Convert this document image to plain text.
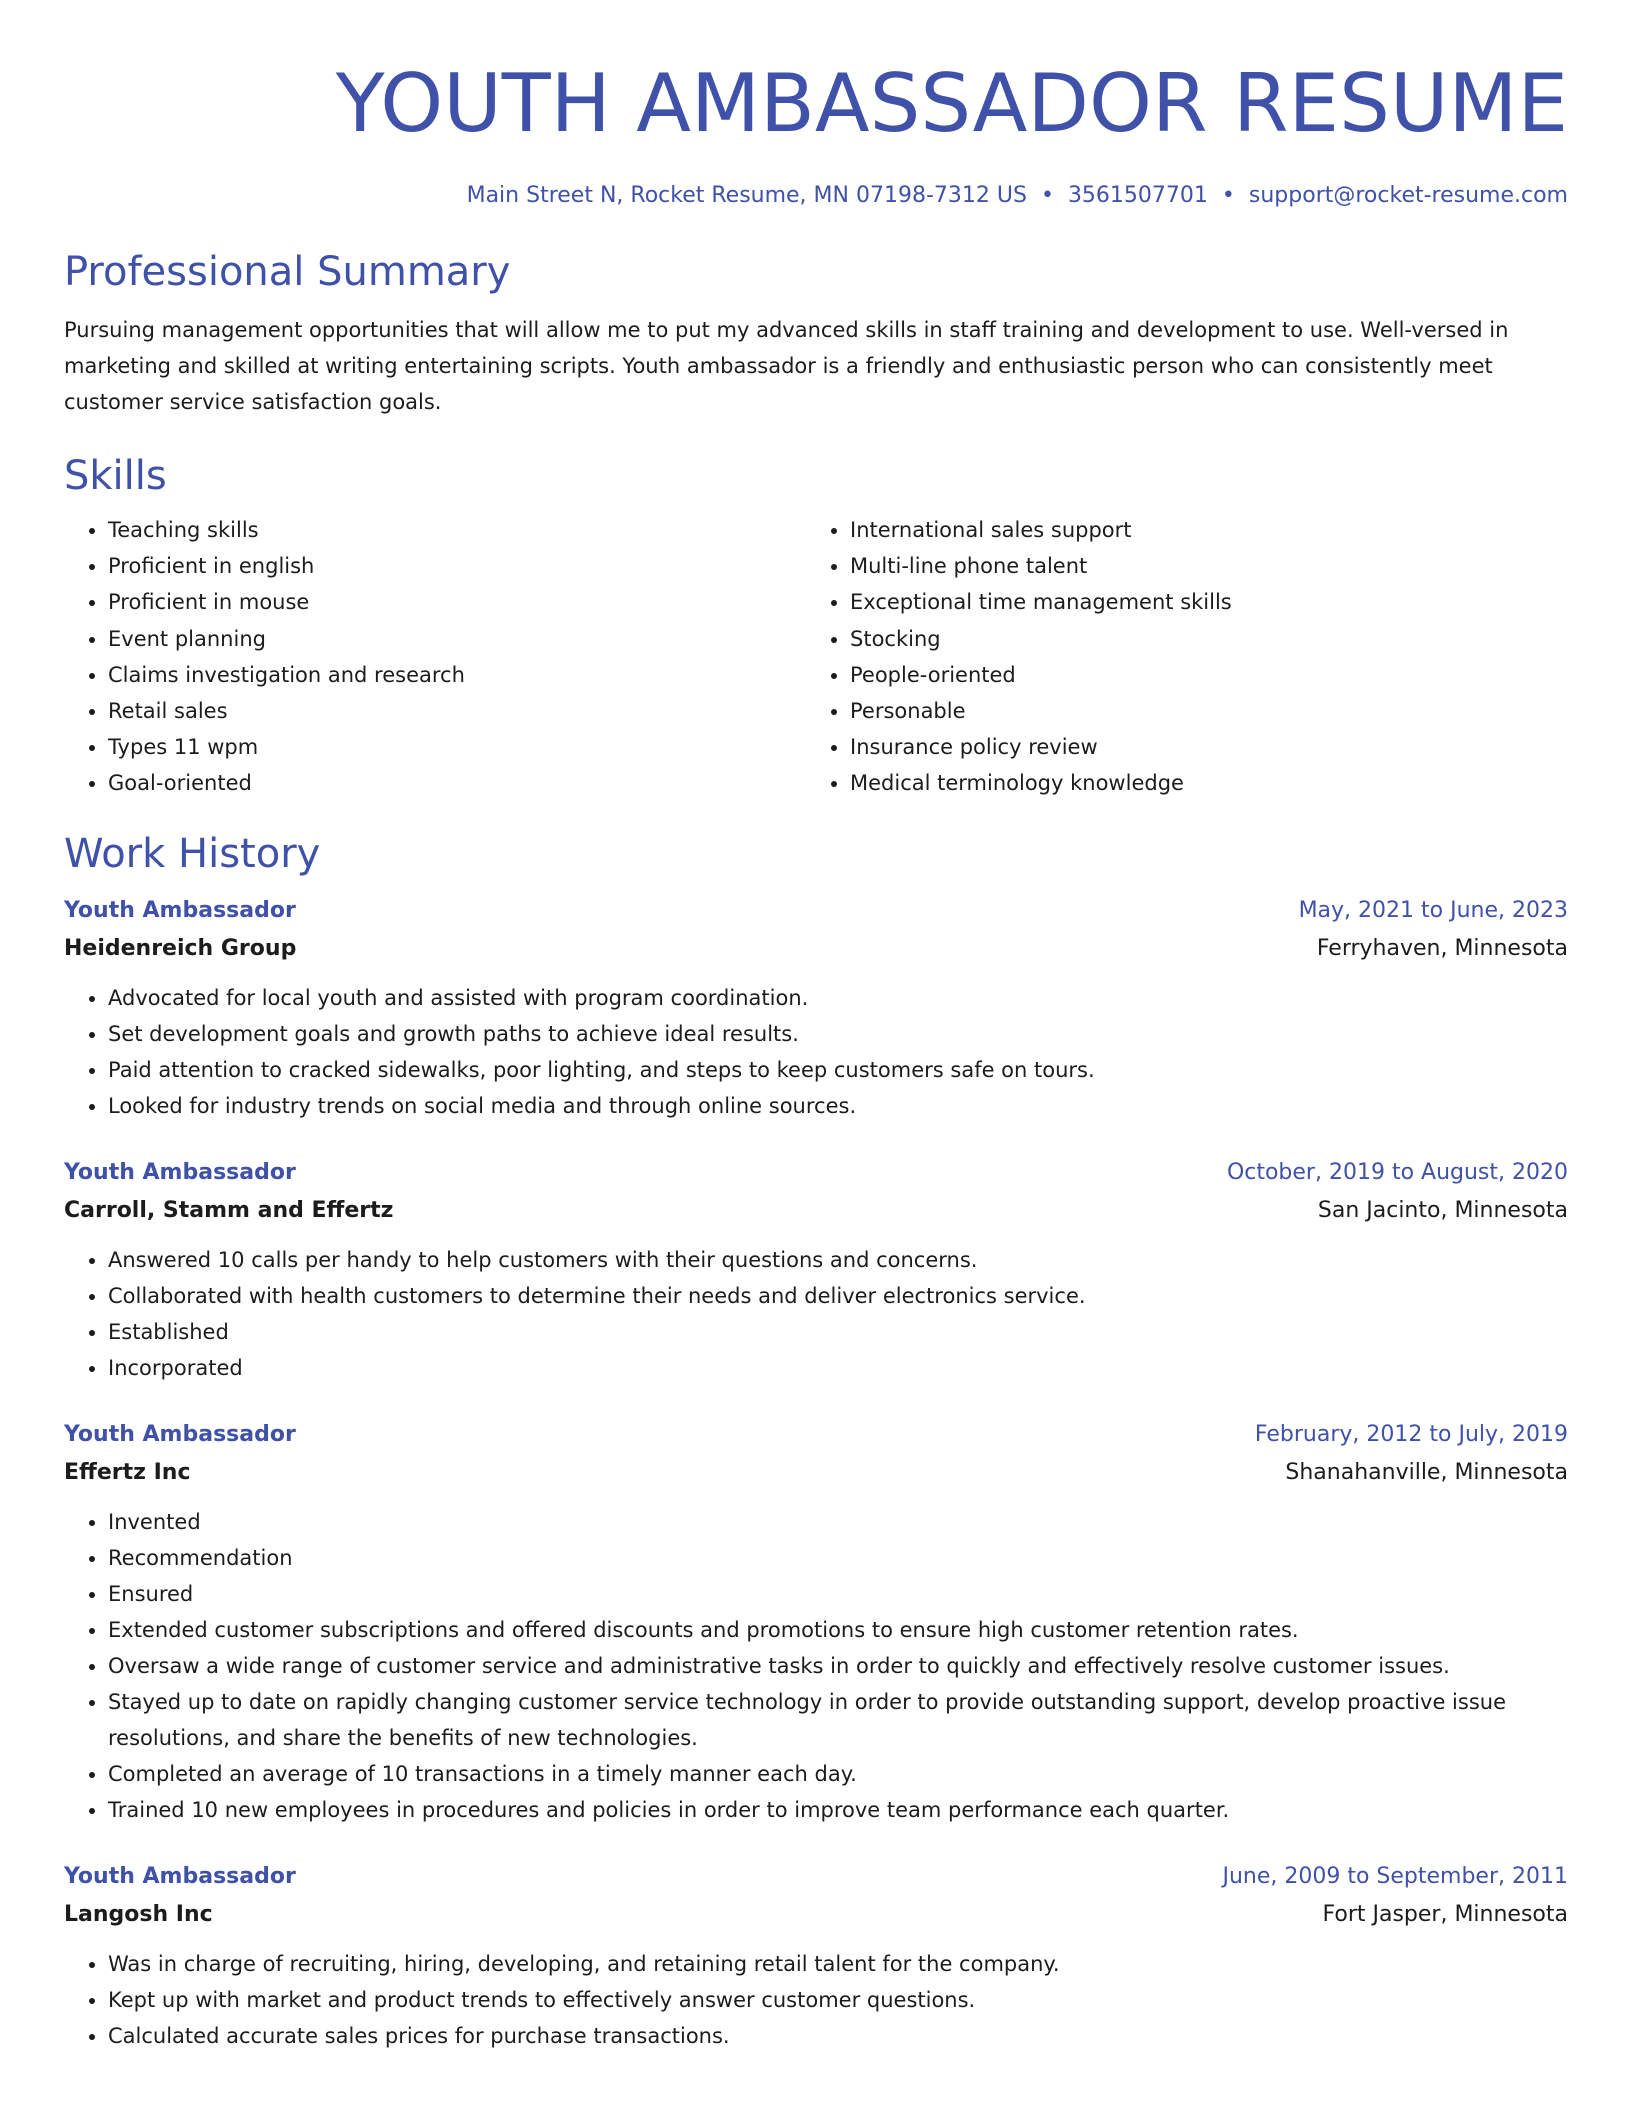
YOUTH AMBASSADOR RESUME
Main Street N, Rocket Resume, MN 07198-7312 US • 3561507701 • support@rocket-resume.com
Professional Summary
Pursuing management opportunities that will allow me to put my advanced skills in staff training and development to use. Well-versed in marketing and skilled at writing entertaining scripts. Youth ambassador is a friendly and enthusiastic person who can consistently meet customer service satisfaction goals.
Skills
• Teaching skills
• Proficient in english
• Proficient in mouse
• Event planning
• Claims investigation and research
• Retail sales
• Types 11 wpm
• Goal-oriented
• International sales support
• Multi-line phone talent
• Exceptional time management skills
• Stocking
• People-oriented
• Personable
• Insurance policy review
• Medical terminology knowledge
Work History
Youth Ambassador	May, 2021 to June, 2023
Heidenreich Group	Ferryhaven, Minnesota
• Advocated for local youth and assisted with program coordination.
• Set development goals and growth paths to achieve ideal results.
• Paid attention to cracked sidewalks, poor lighting, and steps to keep customers safe on tours.
• Looked for industry trends on social media and through online sources.
Youth Ambassador	October, 2019 to August, 2020
Carroll, Stamm and Effertz	San Jacinto, Minnesota
• Answered 10 calls per handy to help customers with their questions and concerns.
• Collaborated with health customers to determine their needs and deliver electronics service.
• Established
• Incorporated
Youth Ambassador	February, 2012 to July, 2019
Effertz Inc	Shanahanville, Minnesota
• Invented
• Recommendation
• Ensured
• Extended customer subscriptions and offered discounts and promotions to ensure high customer retention rates.
• Oversaw a wide range of customer service and administrative tasks in order to quickly and effectively resolve customer issues.
• Stayed up to date on rapidly changing customer service technology in order to provide outstanding support, develop proactive issue resolutions, and share the benefits of new technologies.
• Completed an average of 10 transactions in a timely manner each day.
• Trained 10 new employees in procedures and policies in order to improve team performance each quarter.
Youth Ambassador	June, 2009 to September, 2011
Langosh Inc	Fort Jasper, Minnesota
• Was in charge of recruiting, hiring, developing, and retaining retail talent for the company.
• Kept up with market and product trends to effectively answer customer questions.
• Calculated accurate sales prices for purchase transactions.
